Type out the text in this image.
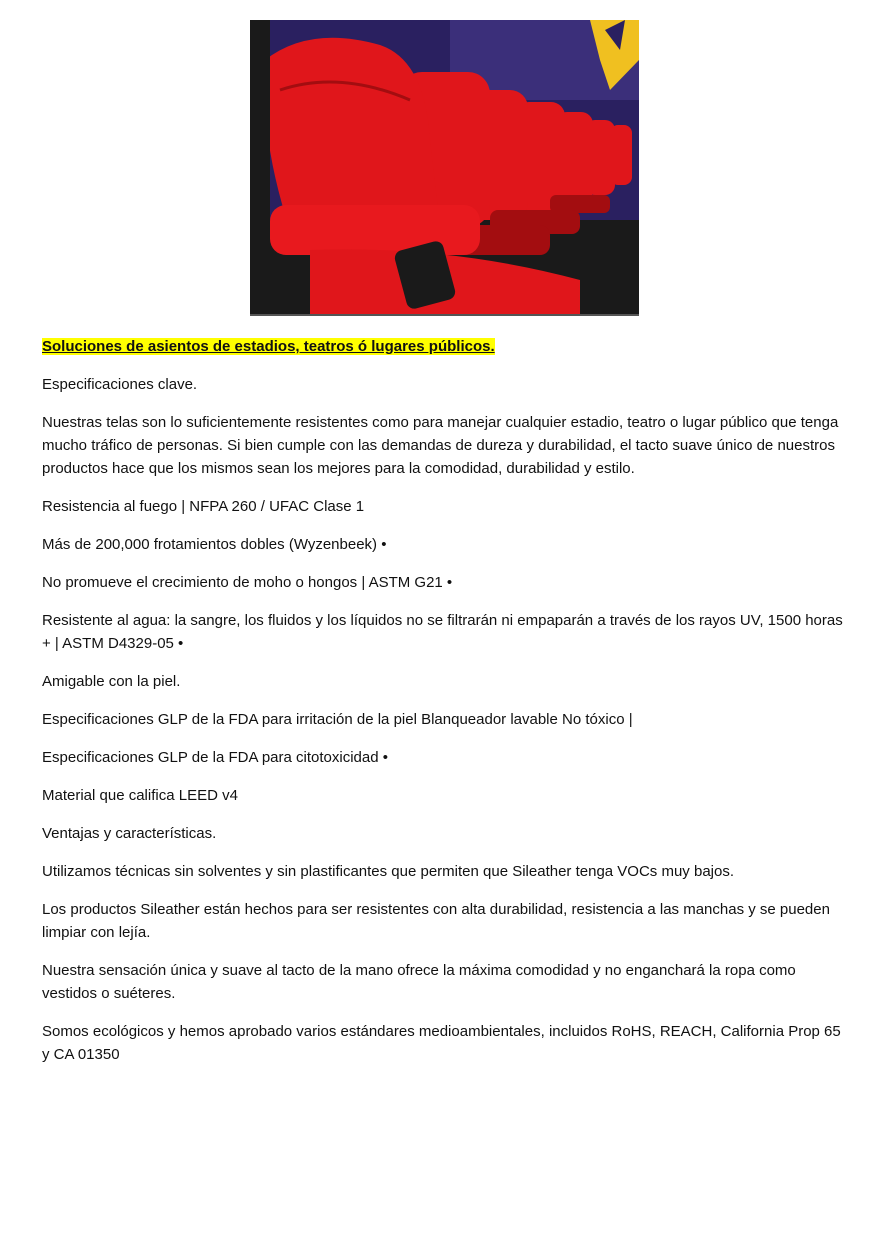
Soluciones de asientos de estadios, teatros ó lugares públicos.

Especificaciones clave.

Nuestras telas son lo suficientemente resistentes como para manejar cualquier estadio, teatro o lugar público que tenga mucho tráfico de personas. Si bien cumple con las demandas de dureza y durabilidad, el tacto suave único de nuestros productos hace que los mismos sean los mejores para la comodidad, durabilidad y estilo.

Resistencia al fuego | NFPA 260 / UFAC Clase 1

Más de 200,000 frotamientos dobles (Wyzenbeek) •

No promueve el crecimiento de moho o hongos | ASTM G21 •

Resistente al agua: la sangre, los fluidos y los líquidos no se filtrarán ni empaparán a través de los rayos UV, 1500 horas + | ASTM D4329-05 •

Amigable con la piel.

Especificaciones GLP de la FDA para irritación de la piel Blanqueador lavable No tóxico |

Especificaciones GLP de la FDA para citotoxicidad •

Material que califica LEED v4

Ventajas y características.

Utilizamos técnicas sin solventes y sin plastificantes que permiten que Sileather tenga VOCs muy bajos.

Los productos Sileather están hechos para ser resistentes con alta durabilidad, resistencia a las manchas y se pueden limpiar con lejía.

Nuestra sensación única y suave al tacto de la mano ofrece la máxima comodidad y no enganchará la ropa como vestidos o suéteres.

Somos ecológicos y hemos aprobado varios estándares medioambientales, incluidos RoHS, REACH, California Prop 65 y CA 01350
